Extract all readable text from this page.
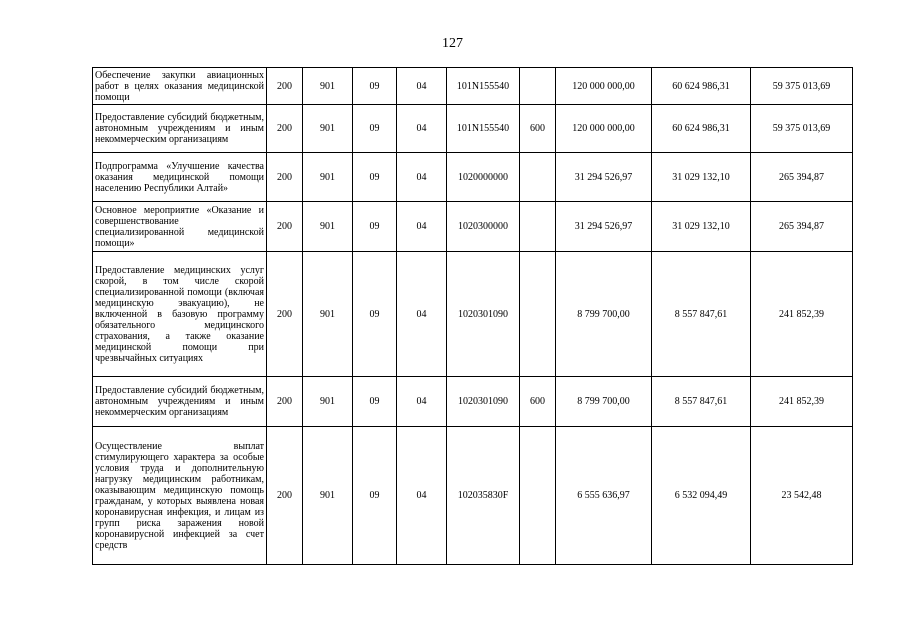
127
Обеспечение закупки авиационных работ в целях оказания медицинской помощи	200	901	09	04	101N155540		120 000 000,00	60 624 986,31	59 375 013,69
Предоставление субсидий бюджетным, автономным учреждениям и иным некоммерческим организациям	200	901	09	04	101N155540	600	120 000 000,00	60 624 986,31	59 375 013,69
Подпрограмма «Улучшение качества оказания медицинской помощи населению Республики Алтай»	200	901	09	04	1020000000		31 294 526,97	31 029 132,10	265 394,87
Основное мероприятие «Оказание и совершенствование специализированной медицинской помощи»	200	901	09	04	1020300000		31 294 526,97	31 029 132,10	265 394,87
Предоставление медицинских услуг скорой, в том числе скорой специализированной помощи (включая медицинскую эвакуацию), не включенной в базовую программу обязательного медицинского страхования, а также оказание медицинской помощи при чрезвычайных ситуациях	200	901	09	04	1020301090		8 799 700,00	8 557 847,61	241 852,39
Предоставление субсидий бюджетным, автономным учреждениям и иным некоммерческим организациям	200	901	09	04	1020301090	600	8 799 700,00	8 557 847,61	241 852,39
Осуществление выплат стимулирующего характера за особые условия труда и дополнительную нагрузку медицинским работникам, оказывающим медицинскую помощь гражданам, у которых выявлена новая коронавирусная инфекция, и лицам из групп риска заражения новой коронавирусной инфекцией за счет средств	200	901	09	04	102035830F		6 555 636,97	6 532 094,49	23 542,48
